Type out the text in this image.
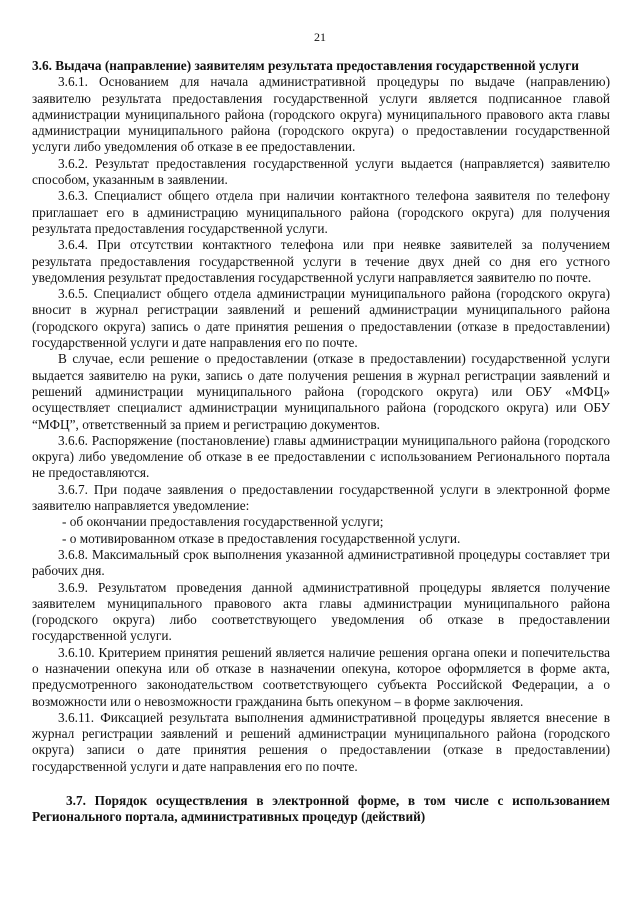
21

3.6. Выдача (направление) заявителям результата предоставления государственной услуги

3.6.1. Основанием для начала административной процедуры по выдаче (направлению) заявителю результата предоставления государственной услуги является подписанное главой администрации муниципального района (городского округа) муниципального правового акта главы администрации муниципального района (городского округа) о предоставлении государственной услуги либо уведомления об отказе в ее предоставлении.

3.6.2. Результат предоставления государственной услуги выдается (направляется) заявителю способом, указанным в заявлении.

3.6.3. Специалист общего отдела при наличии контактного телефона заявителя по телефону приглашает его в администрацию муниципального района (городского округа) для получения результата предоставления государственной услуги.

3.6.4. При отсутствии контактного телефона или при неявке заявителей за получением результата предоставления государственной услуги в течение двух дней со дня его устного уведомления результат предоставления государственной услуги направляется заявителю по почте.

3.6.5. Специалист общего отдела администрации муниципального района (городского округа) вносит в журнал регистрации заявлений и решений администрации муниципального района (городского округа) запись о дате принятия решения о предоставлении (отказе в предоставлении) государственной услуги и дате направления его по почте.

В случае, если решение о предоставлении (отказе в предоставлении) государственной услуги выдается заявителю на руки, запись о дате получения решения в журнал регистрации заявлений и решений администрации муниципального района (городского округа) или ОБУ «МФЦ» осуществляет специалист администрации муниципального района (городского округа) или ОБУ “МФЦ”, ответственный за прием и регистрацию документов.

3.6.6. Распоряжение (постановление) главы администрации муниципального района (городского округа) либо уведомление об отказе в ее предоставлении с использованием Регионального портала не предоставляются.

3.6.7. При подаче заявления о предоставлении государственной услуги в электронной форме заявителю направляется уведомление:

- об окончании предоставления государственной услуги;

- о мотивированном отказе в предоставления государственной услуги.

3.6.8. Максимальный срок выполнения указанной административной процедуры составляет три рабочих дня.

3.6.9. Результатом проведения данной административной процедуры является получение заявителем муниципального правового акта главы администрации муниципального района (городского округа) либо соответствующего уведомления об отказе в предоставлении государственной услуги.

3.6.10. Критерием принятия решений является наличие решения органа опеки и попечительства о назначении опекуна или об отказе в назначении опекуна, которое оформляется в форме акта, предусмотренного законодательством соответствующего субъекта Российской Федерации, а о возможности или о невозможности гражданина быть опекуном – в форме заключения.

3.6.11. Фиксацией результата выполнения административной процедуры является внесение в журнал регистрации заявлений и решений администрации муниципального района (городского округа) записи о дате принятия решения о предоставлении (отказе в предоставлении) государственной услуги и дате направления его по почте.

3.7. Порядок осуществления в электронной форме, в том числе с использованием Регионального портала, административных процедур (действий)
